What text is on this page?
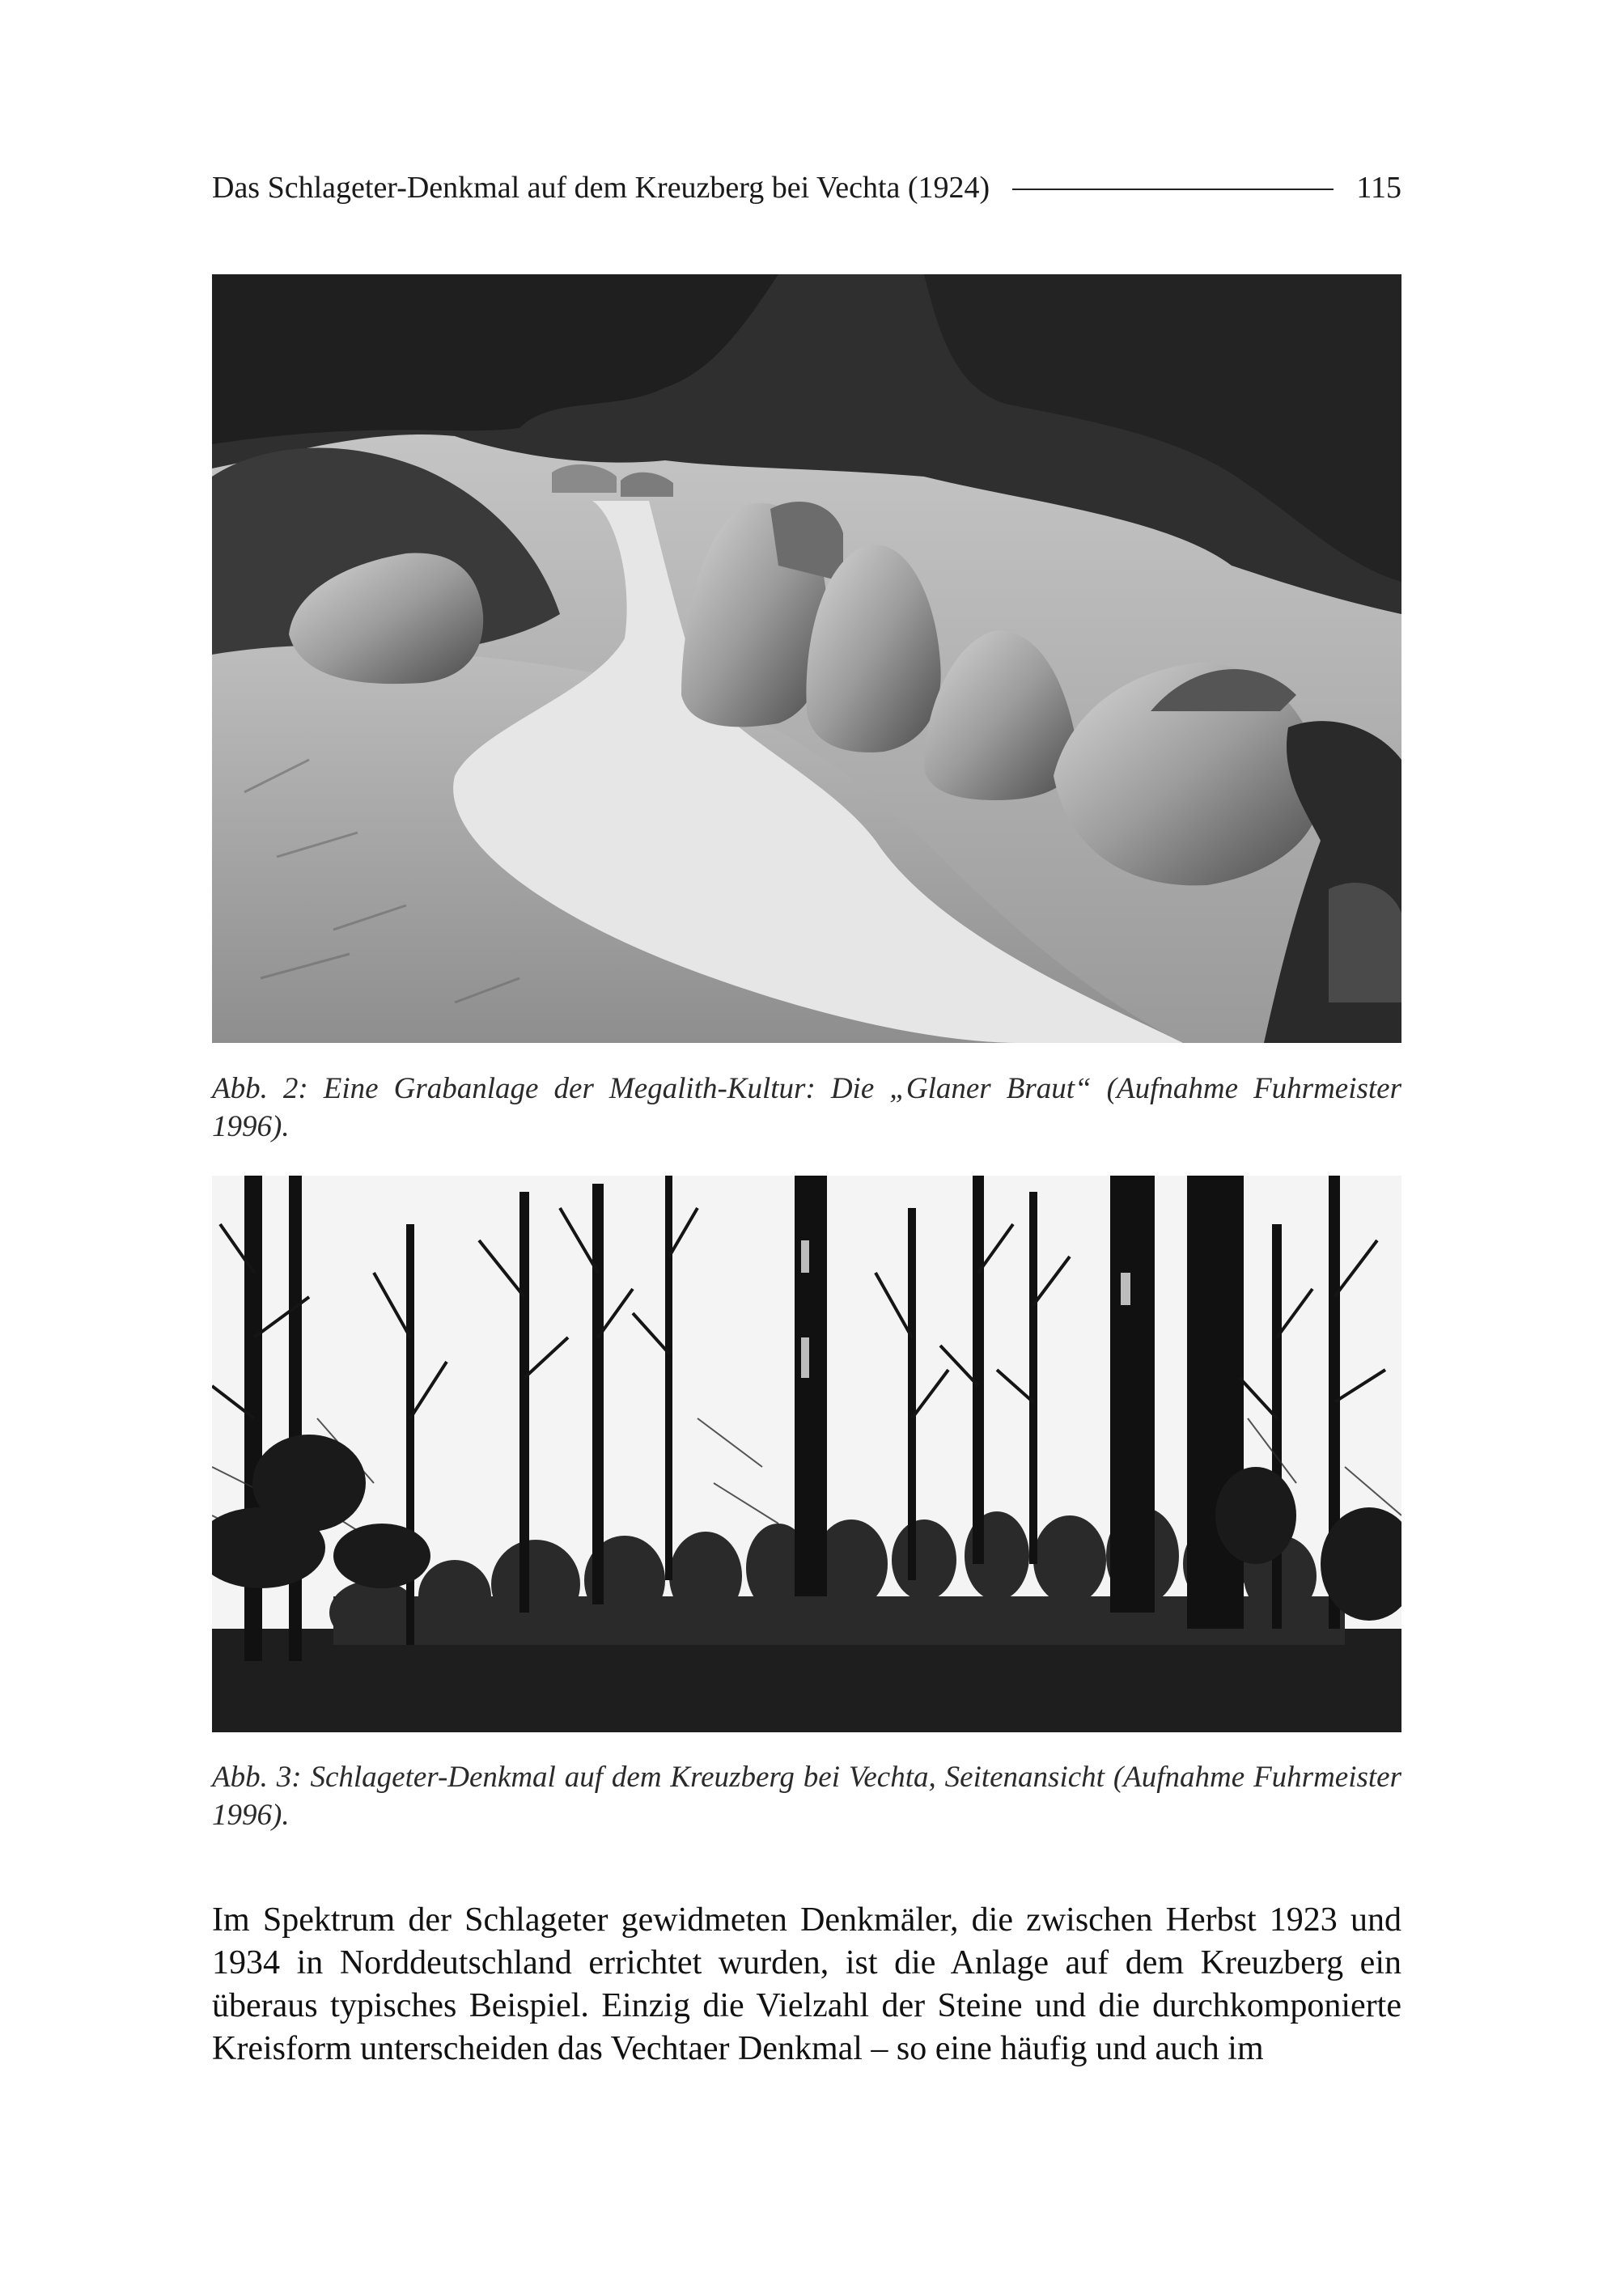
Das Schlageter-Denkmal auf dem Kreuzberg bei Vechta (1924)	115
Abb. 2: Eine Grabanlage der Megalith-Kultur: Die „Glaner Braut“ (Aufnahme Fuhrmeister 1996).
Abb. 3: Schlageter-Denkmal auf dem Kreuzberg bei Vechta, Seitenansicht (Aufnahme Fuhrmeister 1996).
Im Spektrum der Schlageter gewidmeten Denkmäler, die zwischen Herbst 1923 und 1934 in Norddeutschland errichtet wurden, ist die Anlage auf dem Kreuzberg ein überaus typisches Beispiel. Einzig die Vielzahl der Steine und die durchkomponierte Kreisform unterscheiden das Vechtaer Denkmal – so eine häufig und auch im
